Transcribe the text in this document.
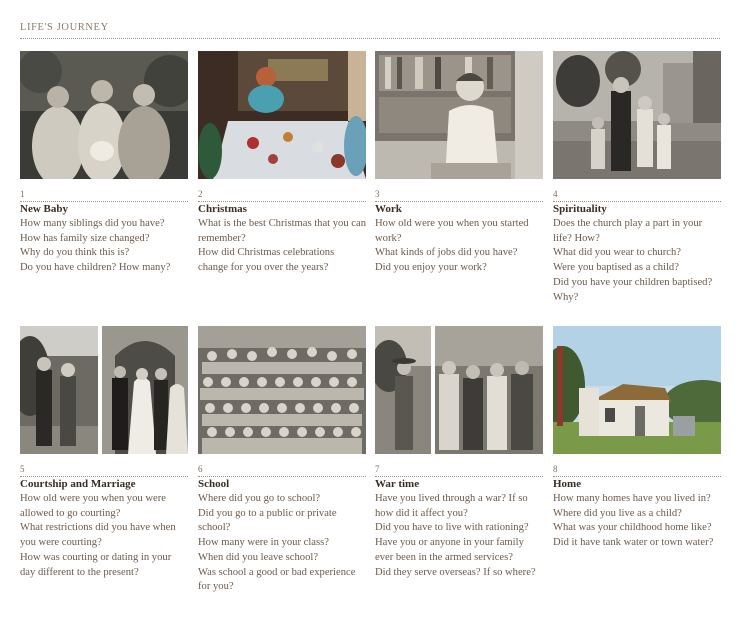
LIFE'S JOURNEY
1
New Baby
How many siblings did you have?
How has family size changed?
Why do you think this is?
Do you have children? How many?
2
Christmas
What is the best Christmas that you can remember?
How did Christmas celebrations change for you over the years?
3
Work
How old were you when you started work?
What kinds of jobs did you have?
Did you enjoy your work?
4
Spirituality
Does the church play a part in your life? How?
What did you wear to church?
Were you baptised as a child?
Did you have your children baptised? Why?
5
Courtship and Marriage
How old were you when you were allowed to go courting?
What restrictions did you have when you were courting?
How was courting or dating in your day different to the present?
6
School
Where did you go to school?
Did you go to a public or private school?
How many were in your class?
When did you leave school?
Was school a good or bad experience for you?
7
War time
Have you lived through a war? If so how did it affect you?
Did you have to live with rationing?
Have you or anyone in your family ever been in the armed services?
Did they serve overseas? If so where?
8
Home
How many homes have you lived in? Where did you live as a child?
What was your childhood home like?
Did it have tank water or town water?
